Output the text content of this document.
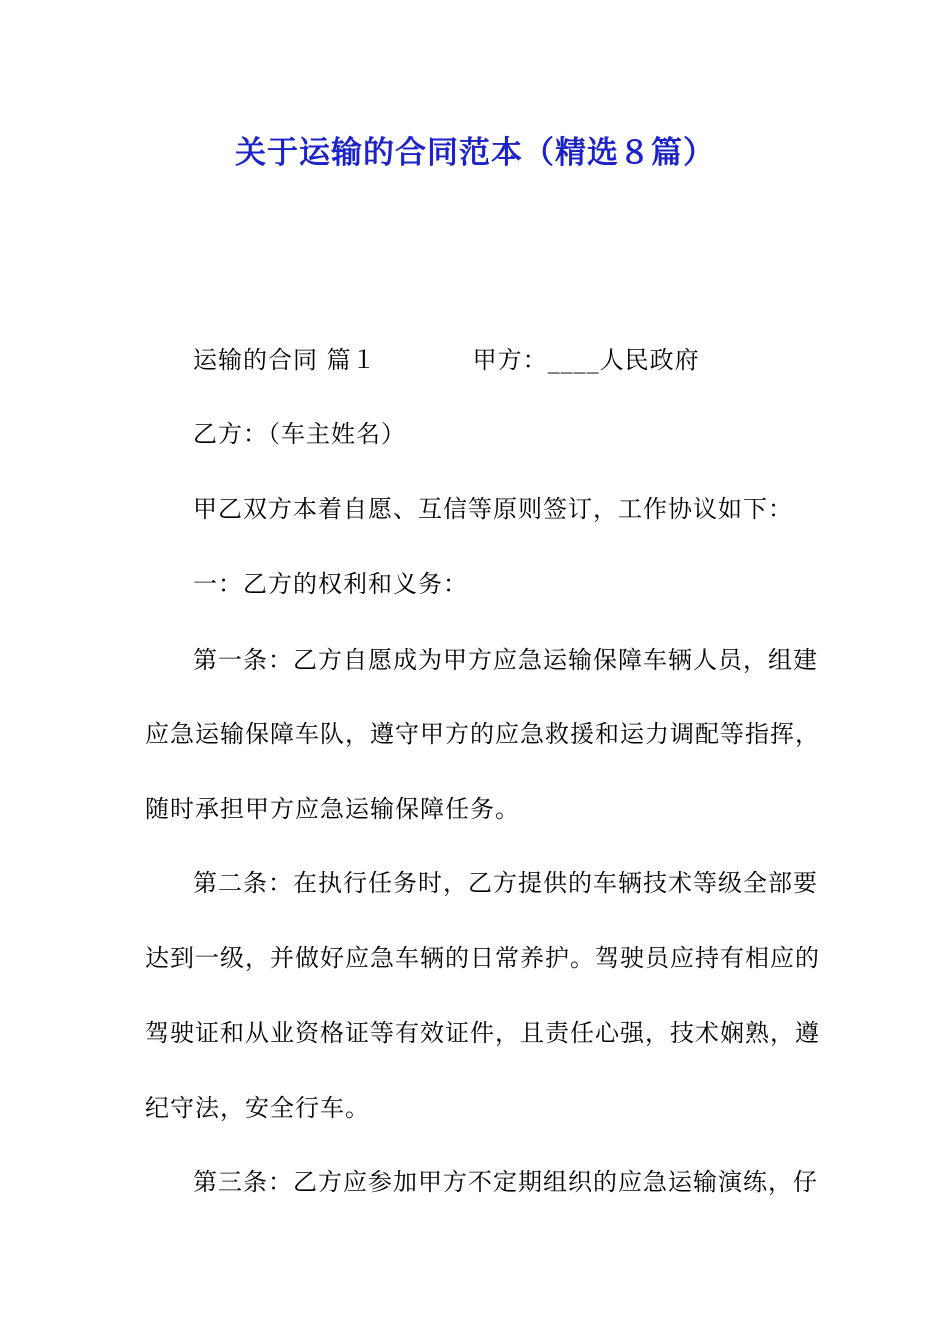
关于运输的合同范本（精选８篇）
运输的合同 篇１	甲方：____人民政府
乙方：（车主姓名）
甲乙双方本着自愿、互信等原则签订，工作协议如下：
一：乙方的权利和义务：
第一条：乙方自愿成为甲方应急运输保障车辆人员，组建
应急运输保障车队，遵守甲方的应急救援和运力调配等指挥，
随时承担甲方应急运输保障任务。
第二条：在执行任务时，乙方提供的车辆技术等级全部要
达到一级，并做好应急车辆的日常养护。驾驶员应持有相应的
驾驶证和从业资格证等有效证件，且责任心强，技术娴熟，遵
纪守法，安全行车。
第三条：乙方应参加甲方不定期组织的应急运输演练，仔
